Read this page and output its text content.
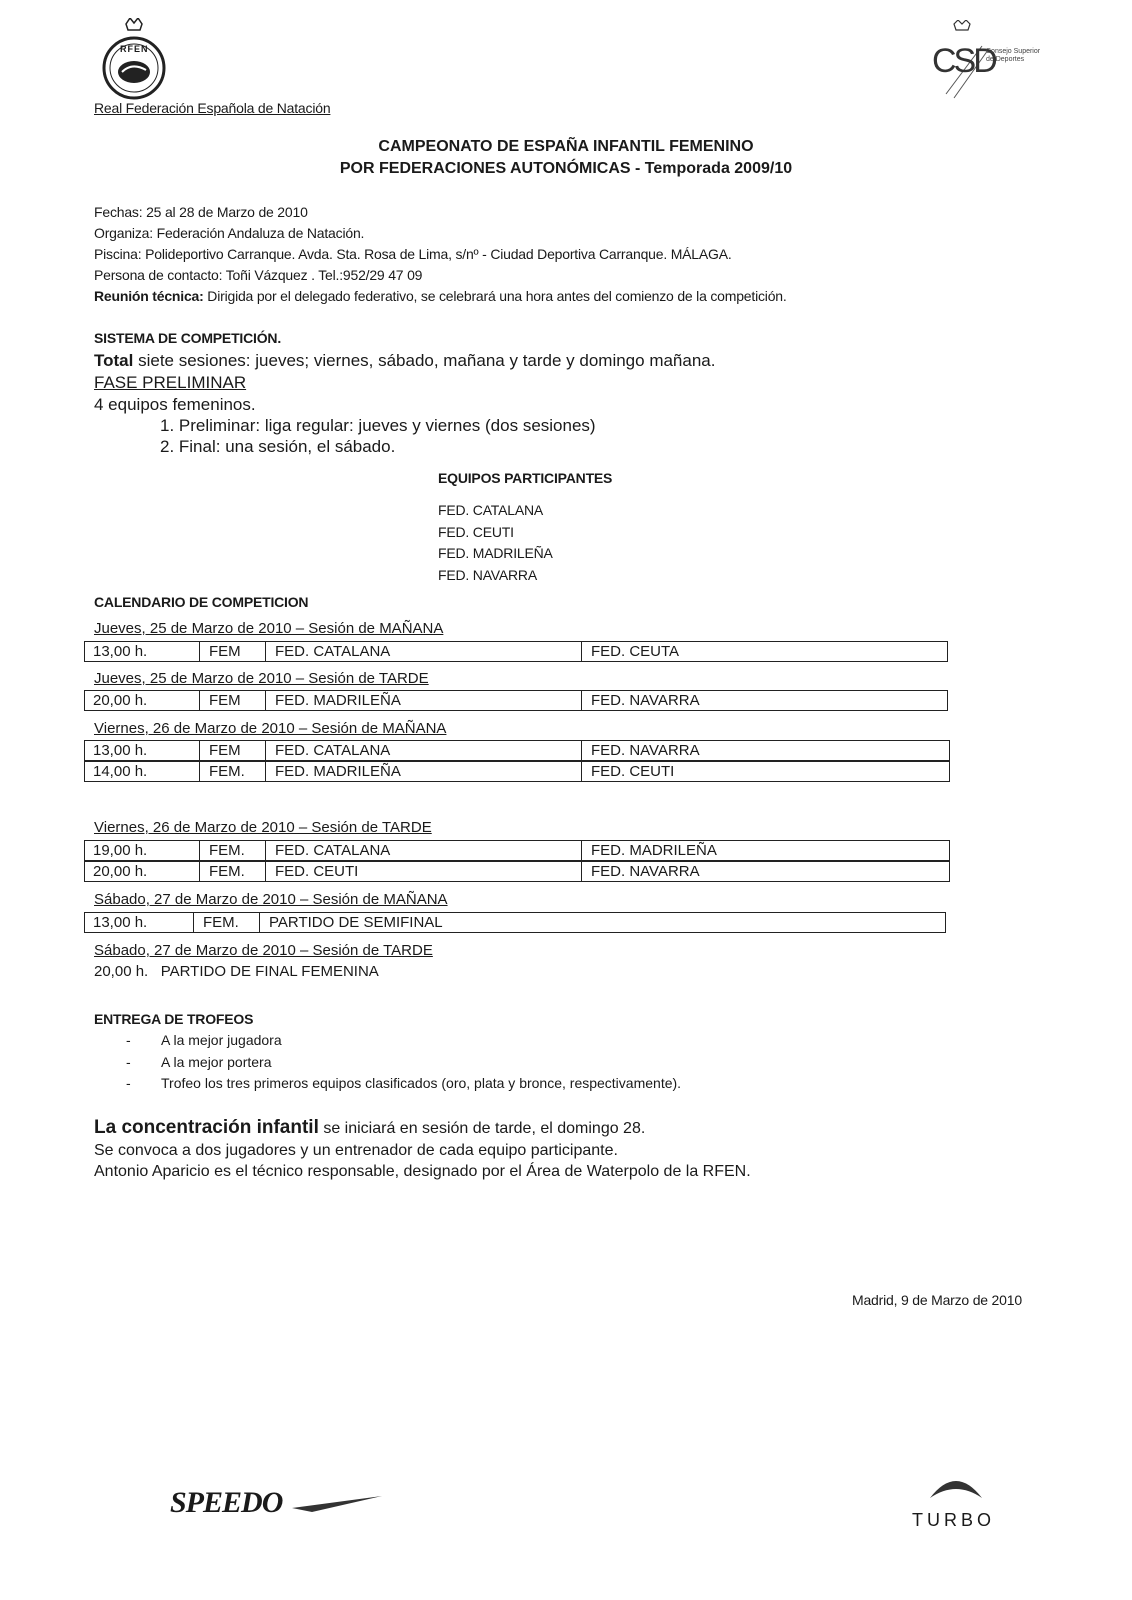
RFEN	CSD
Consejo Superior de Deportes
Real Federación Española de Natación
CAMPEONATO DE ESPAÑA INFANTIL FEMENINO
POR FEDERACIONES AUTONÓMICAS - Temporada 2009/10
Fechas: 25 al 28 de Marzo de 2010
Organiza: Federación Andaluza de Natación.
Piscina: Polideportivo Carranque. Avda. Sta. Rosa de Lima, s/nº - Ciudad Deportiva Carranque. MÁLAGA.
Persona de contacto: Toñi Vázquez . Tel.:952/29 47 09
Reunión técnica: Dirigida por el delegado federativo, se celebrará una hora antes del comienzo de la competición.
SISTEMA DE COMPETICIÓN.
Total siete sesiones: jueves; viernes, sábado, mañana y tarde y domingo mañana.
FASE PRELIMINAR
4 equipos femeninos.
1. Preliminar: liga regular: jueves y viernes (dos sesiones)
2. Final: una sesión, el sábado.
EQUIPOS PARTICIPANTES
FED. CATALANA
FED. CEUTI
FED. MADRILEÑA
FED. NAVARRA
CALENDARIO DE COMPETICION
Jueves, 25 de Marzo de 2010 – Sesión de MAÑANA
13,00 h.	FEM FED. CATALANA	FED. CEUTA
Jueves, 25 de Marzo de 2010 – Sesión de TARDE
20,00 h.	FEM FED. MADRILEÑA	FED. NAVARRA
Viernes, 26 de Marzo de 2010 – Sesión de MAÑANA
13,00 h.	FEM FED. CATALANA	FED. NAVARRA
14,00 h.	FEM. FED. MADRILEÑA	FED. CEUTI
Viernes, 26 de Marzo de 2010 – Sesión de TARDE
19,00 h.	FEM. FED. CATALANA	FED. MADRILEÑA
20,00 h.	FEM. FED. CEUTI	FED. NAVARRA
Sábado, 27 de Marzo de 2010 – Sesión de MAÑANA
13,00 h.	FEM. PARTIDO DE SEMIFINAL
Sábado, 27 de Marzo de 2010 – Sesión de TARDE
20,00 h.   PARTIDO DE FINAL FEMENINA
ENTREGA DE TROFEOS
- A la mejor jugadora
- A la mejor portera
- Trofeo los tres primeros equipos clasificados (oro, plata y bronce, respectivamente).
La concentración infantil se iniciará en sesión de tarde, el domingo 28.
Se convoca a dos jugadores y un entrenador de cada equipo participante.
Antonio Aparicio es el técnico responsable, designado por el Área de Waterpolo de la RFEN.
Madrid, 9 de Marzo de 2010
SPEEDO
TURBO
